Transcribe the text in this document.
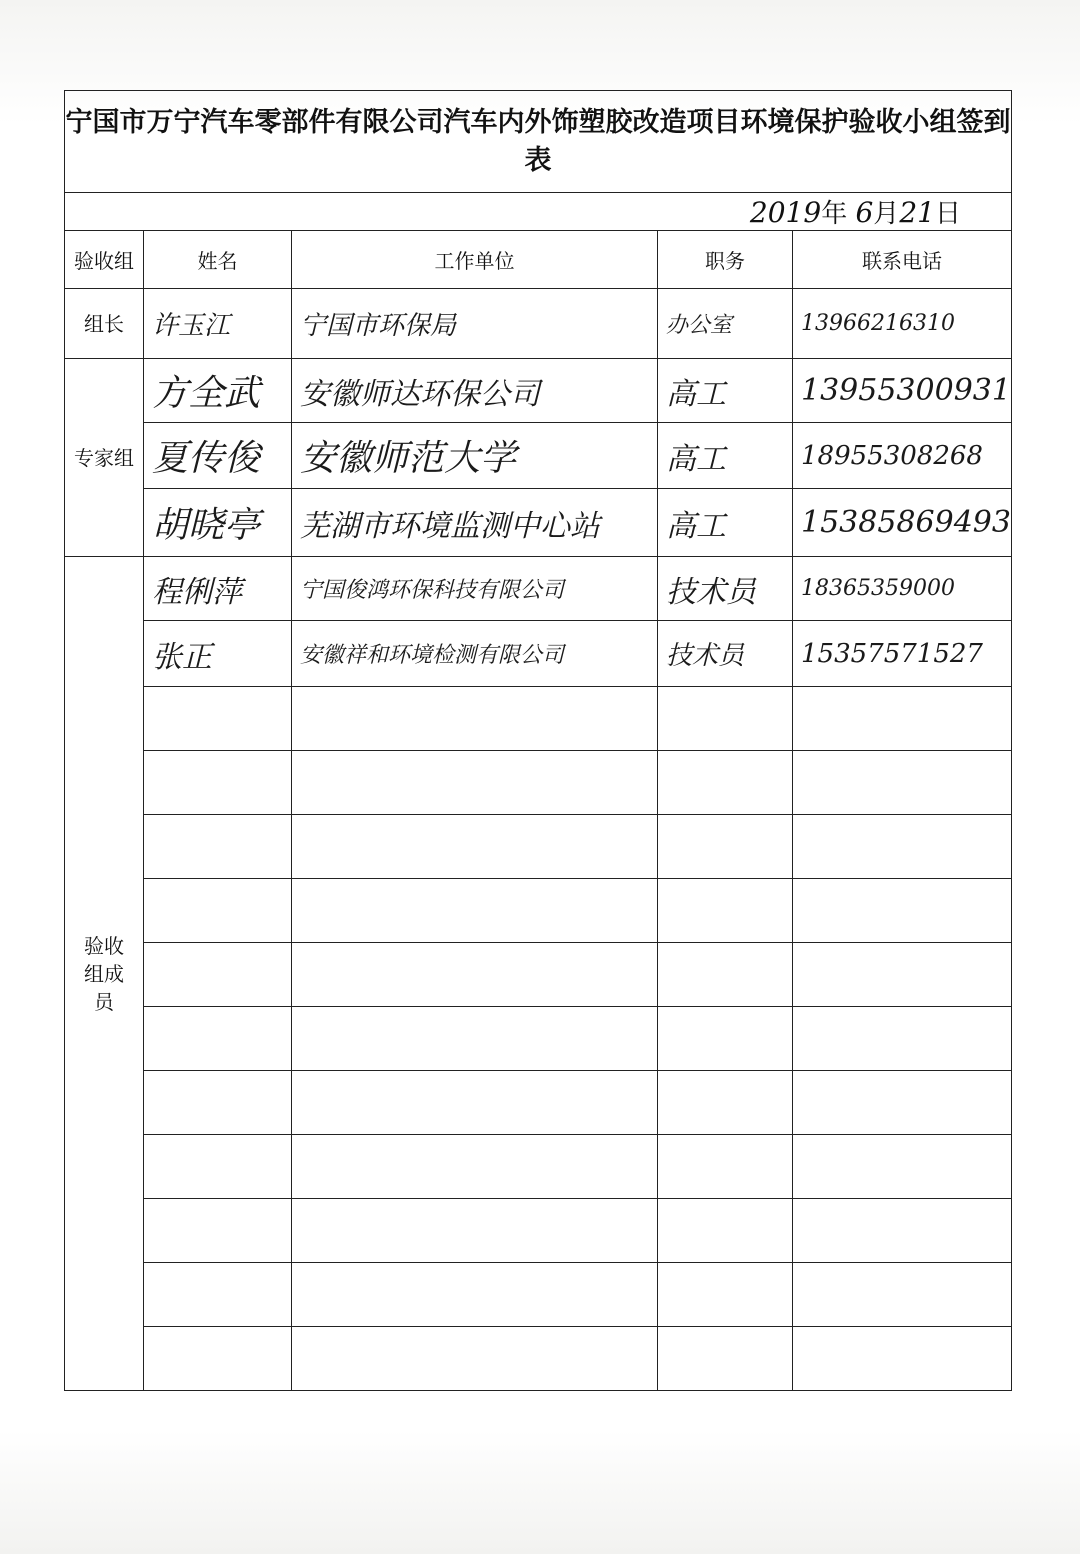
宁国市万宁汽车零部件有限公司汽车内外饰塑胶改造项目环境保护验收小组签到表				
2019年 6月21日				
验收组	姓名	工作单位	职务	联系电话
组长	许玉江	宁国市环保局	办公室	13966216310
专家组	方全武	安徽师达环保公司	高工	13955300931
	夏传俊	安徽师范大学	高工	18955308268
	胡晓亭	芜湖市环境监测中心站	高工	15385869493
验收组成员	程俐萍	宁国俊鸿环保科技有限公司	技术员	18365359000
	张正	安徽祥和环境检测有限公司	技术员	15357571527
